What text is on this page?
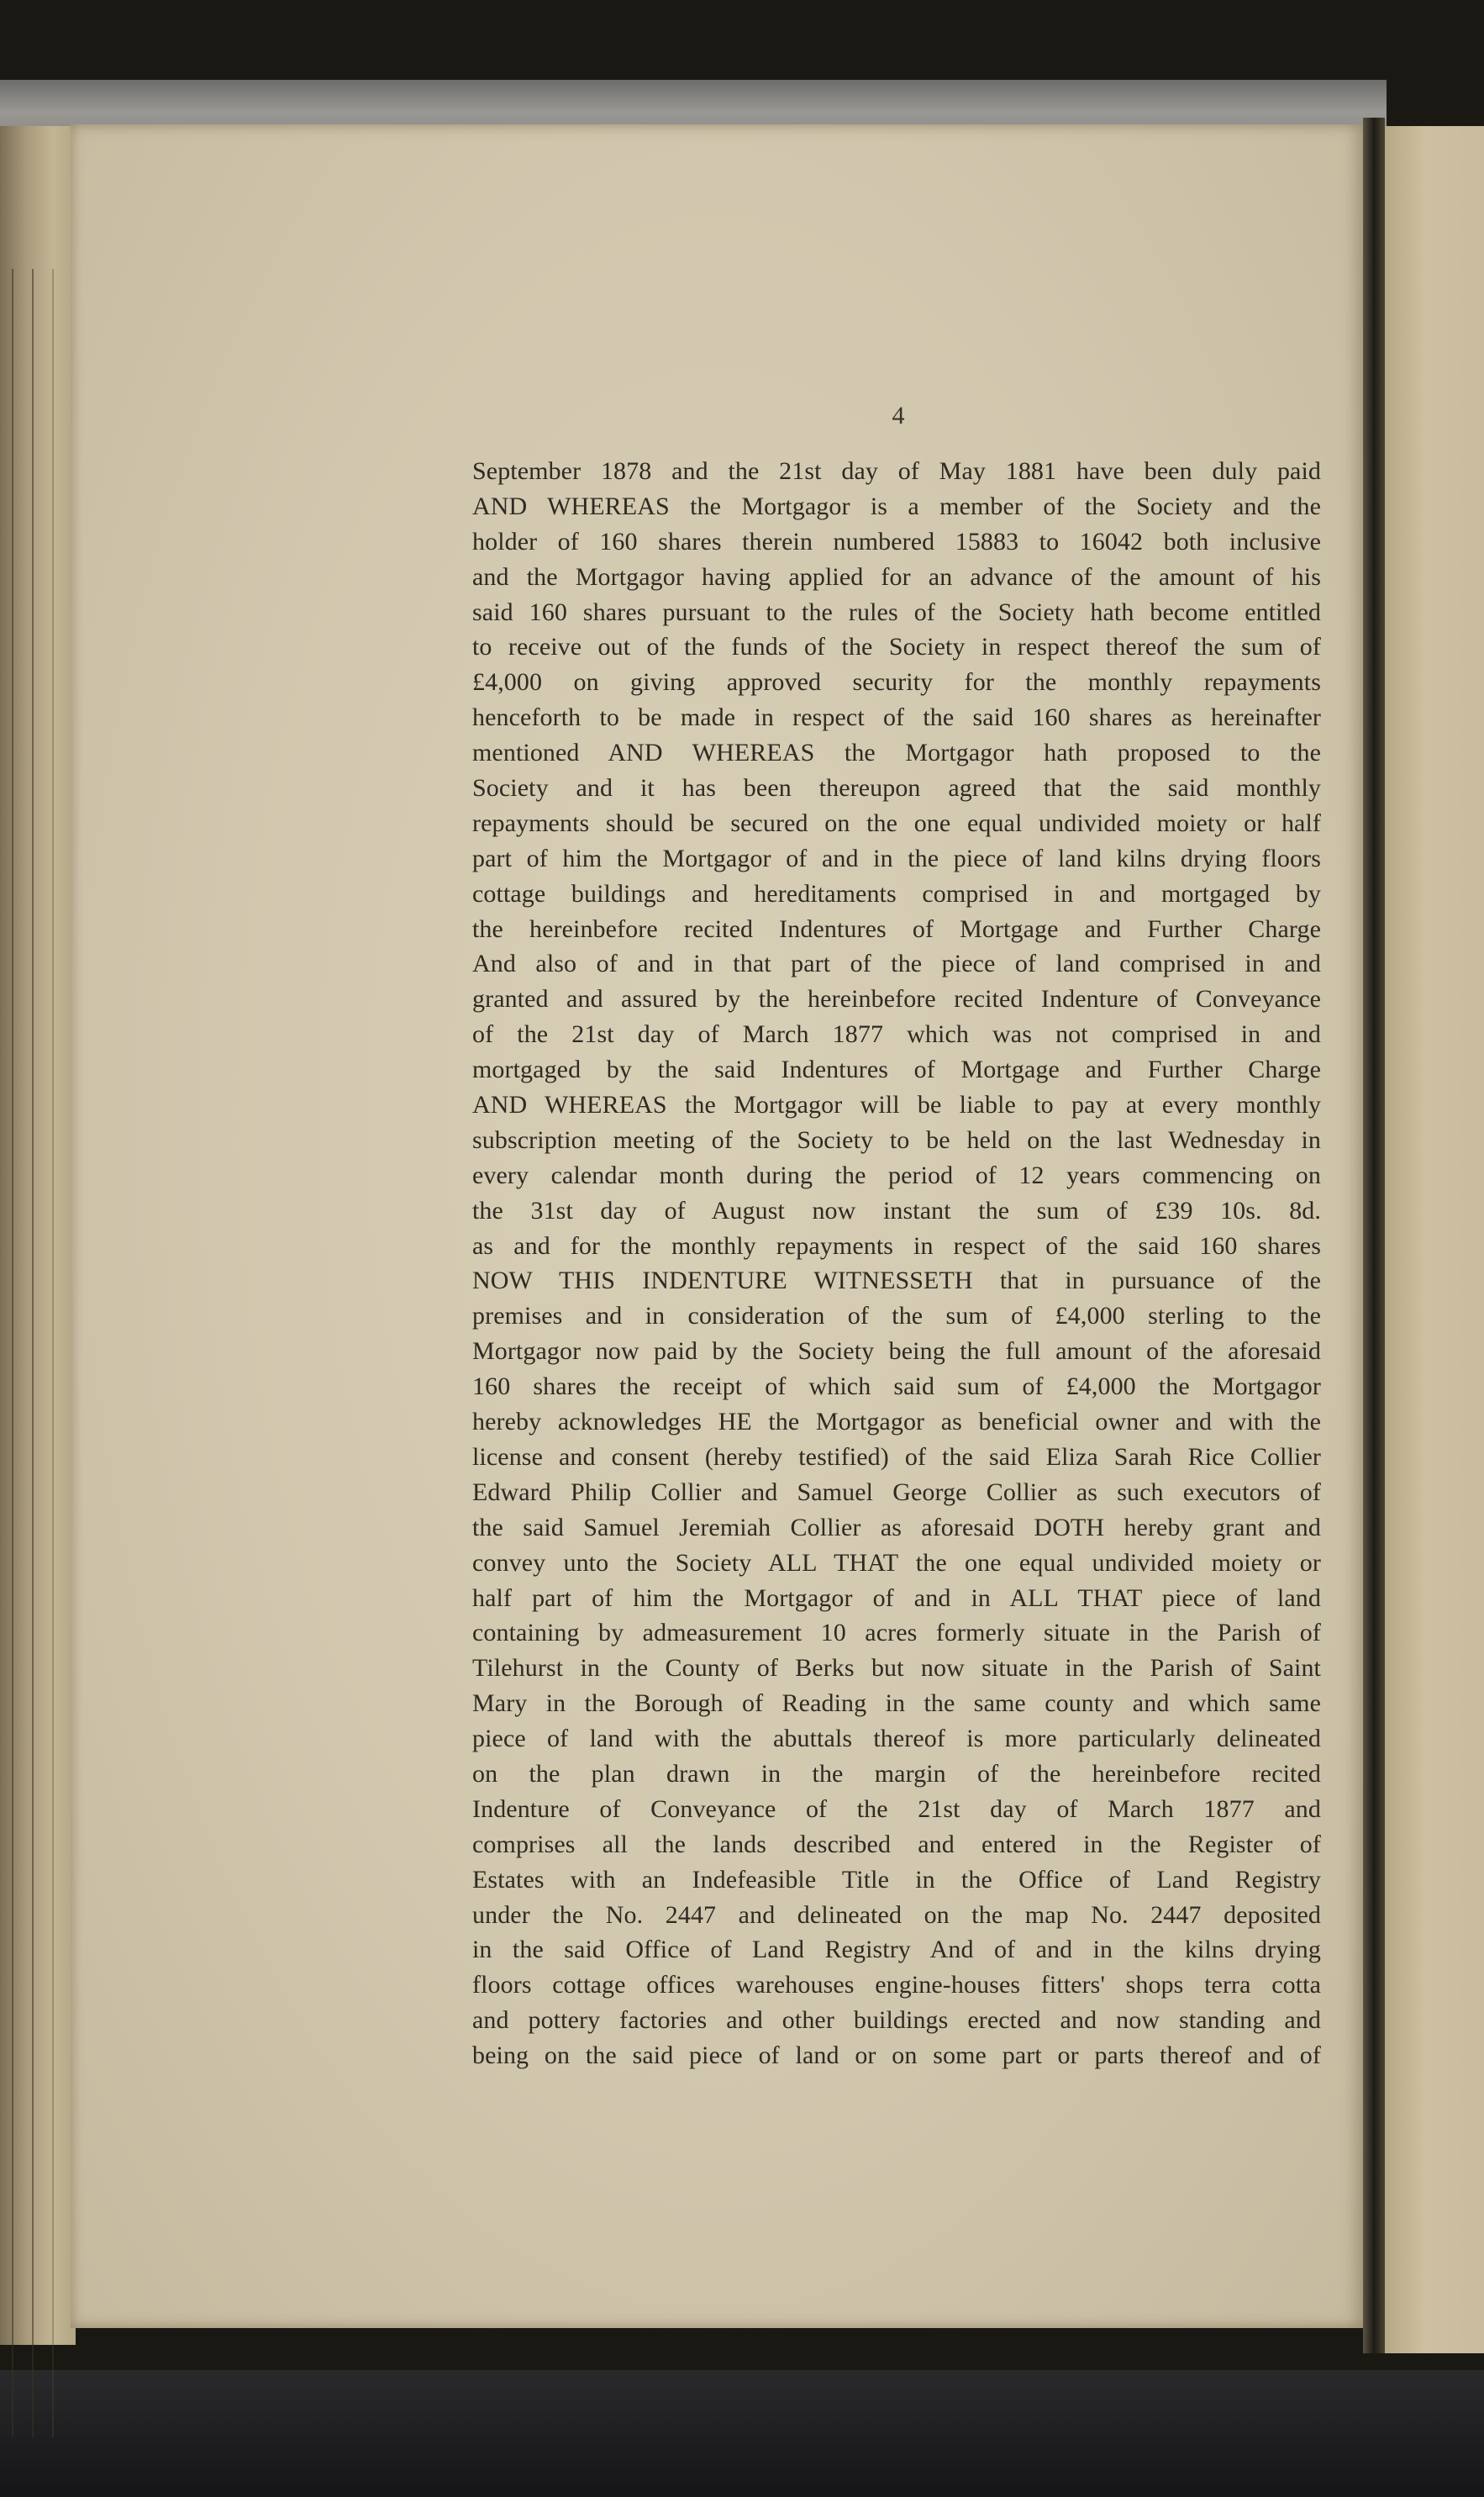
4
September 1878 and the 21st day of May 1881 have been duly paid
AND WHEREAS the Mortgagor is a member of the Society and the
holder of 160 shares therein numbered 15883 to 16042 both inclusive
and the Mortgagor having applied for an advance of the amount of his
said 160 shares pursuant to the rules of the Society hath become entitled
to receive out of the funds of the Society in respect thereof the sum of
£4,000 on giving approved security for the monthly repayments
henceforth to be made in respect of the said 160 shares as hereinafter
mentioned AND WHEREAS the Mortgagor hath proposed to the
Society and it has been thereupon agreed that the said monthly
repayments should be secured on the one equal undivided moiety or half
part of him the Mortgagor of and in the piece of land kilns drying floors
cottage buildings and hereditaments comprised in and mortgaged by
the hereinbefore recited Indentures of Mortgage and Further Charge
And also of and in that part of the piece of land comprised in and
granted and assured by the hereinbefore recited Indenture of Conveyance
of the 21st day of March 1877 which was not comprised in and
mortgaged by the said Indentures of Mortgage and Further Charge
AND WHEREAS the Mortgagor will be liable to pay at every monthly
subscription meeting of the Society to be held on the last Wednesday in
every calendar month during the period of 12 years commencing on
the 31st day of August now instant the sum of £39 10s. 8d.
as and for the monthly repayments in respect of the said 160 shares
NOW THIS INDENTURE WITNESSETH that in pursuance of the
premises and in consideration of the sum of £4,000 sterling to the
Mortgagor now paid by the Society being the full amount of the aforesaid
160 shares the receipt of which said sum of £4,000 the Mortgagor
hereby acknowledges HE the Mortgagor as beneficial owner and with the
license and consent (hereby testified) of the said Eliza Sarah Rice Collier
Edward Philip Collier and Samuel George Collier as such executors of
the said Samuel Jeremiah Collier as aforesaid DOTH hereby grant and
convey unto the Society ALL THAT the one equal undivided moiety or
half part of him the Mortgagor of and in ALL THAT piece of land
containing by admeasurement 10 acres formerly situate in the Parish of
Tilehurst in the County of Berks but now situate in the Parish of Saint
Mary in the Borough of Reading in the same county and which same
piece of land with the abuttals thereof is more particularly delineated
on the plan drawn in the margin of the hereinbefore recited
Indenture of Conveyance of the 21st day of March 1877 and
comprises all the lands described and entered in the Register of
Estates with an Indefeasible Title in the Office of Land Registry
under the No. 2447 and delineated on the map No. 2447 deposited
in the said Office of Land Registry And of and in the kilns drying
floors cottage offices warehouses engine-houses fitters' shops terra cotta
and pottery factories and other buildings erected and now standing and
being on the said piece of land or on some part or parts thereof and of
